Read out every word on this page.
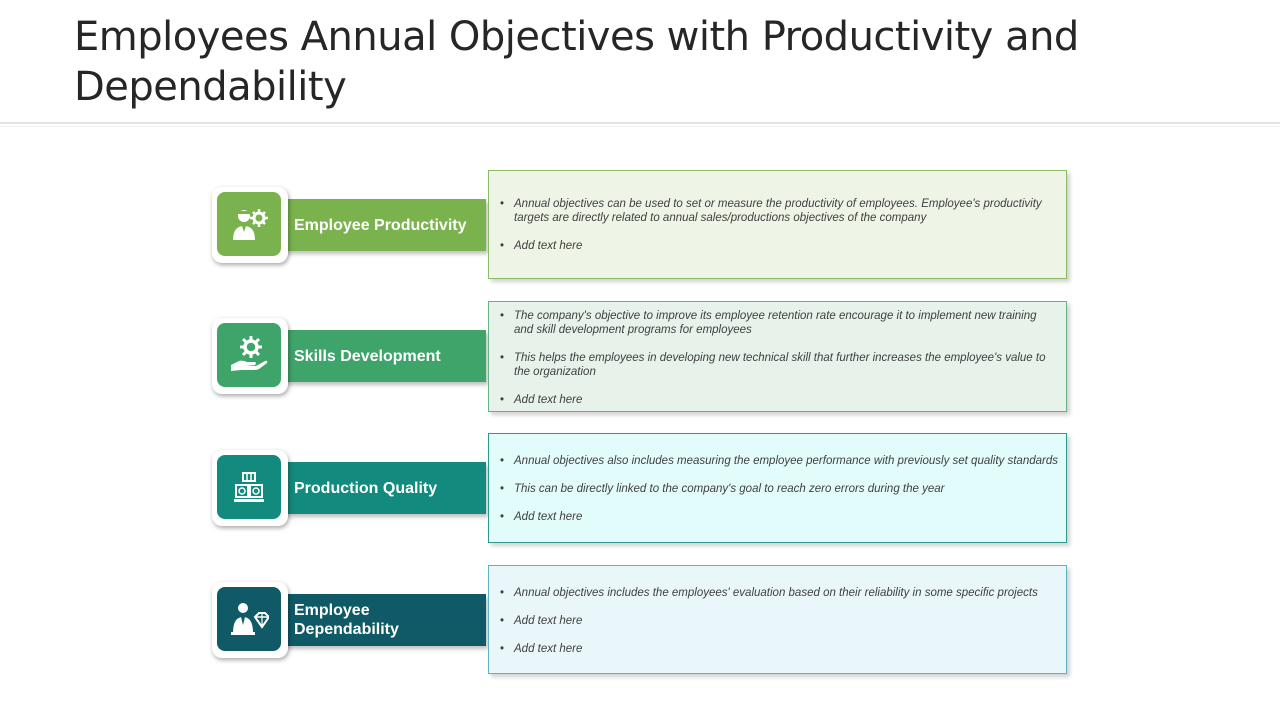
Employees Annual Objectives with Productivity and Dependability
Employee Productivity
• Annual objectives can be used to set or measure the productivity of employees. Employee's productivity targets are directly related to annual sales/productions objectives of the company
• Add text here
Skills Development
• The company's objective to improve its employee retention rate encourage it to implement new training and skill development programs for employees
• This helps the employees in developing new technical skill that further increases the employee's value to the organization
• Add text here
Production Quality
• Annual objectives also includes measuring the employee performance with previously set quality standards
• This can be directly linked to the company's goal to reach zero errors during the year
• Add text here
Employee Dependability
• Annual objectives includes the employees' evaluation based on their reliability in some specific projects
• Add text here
• Add text here
